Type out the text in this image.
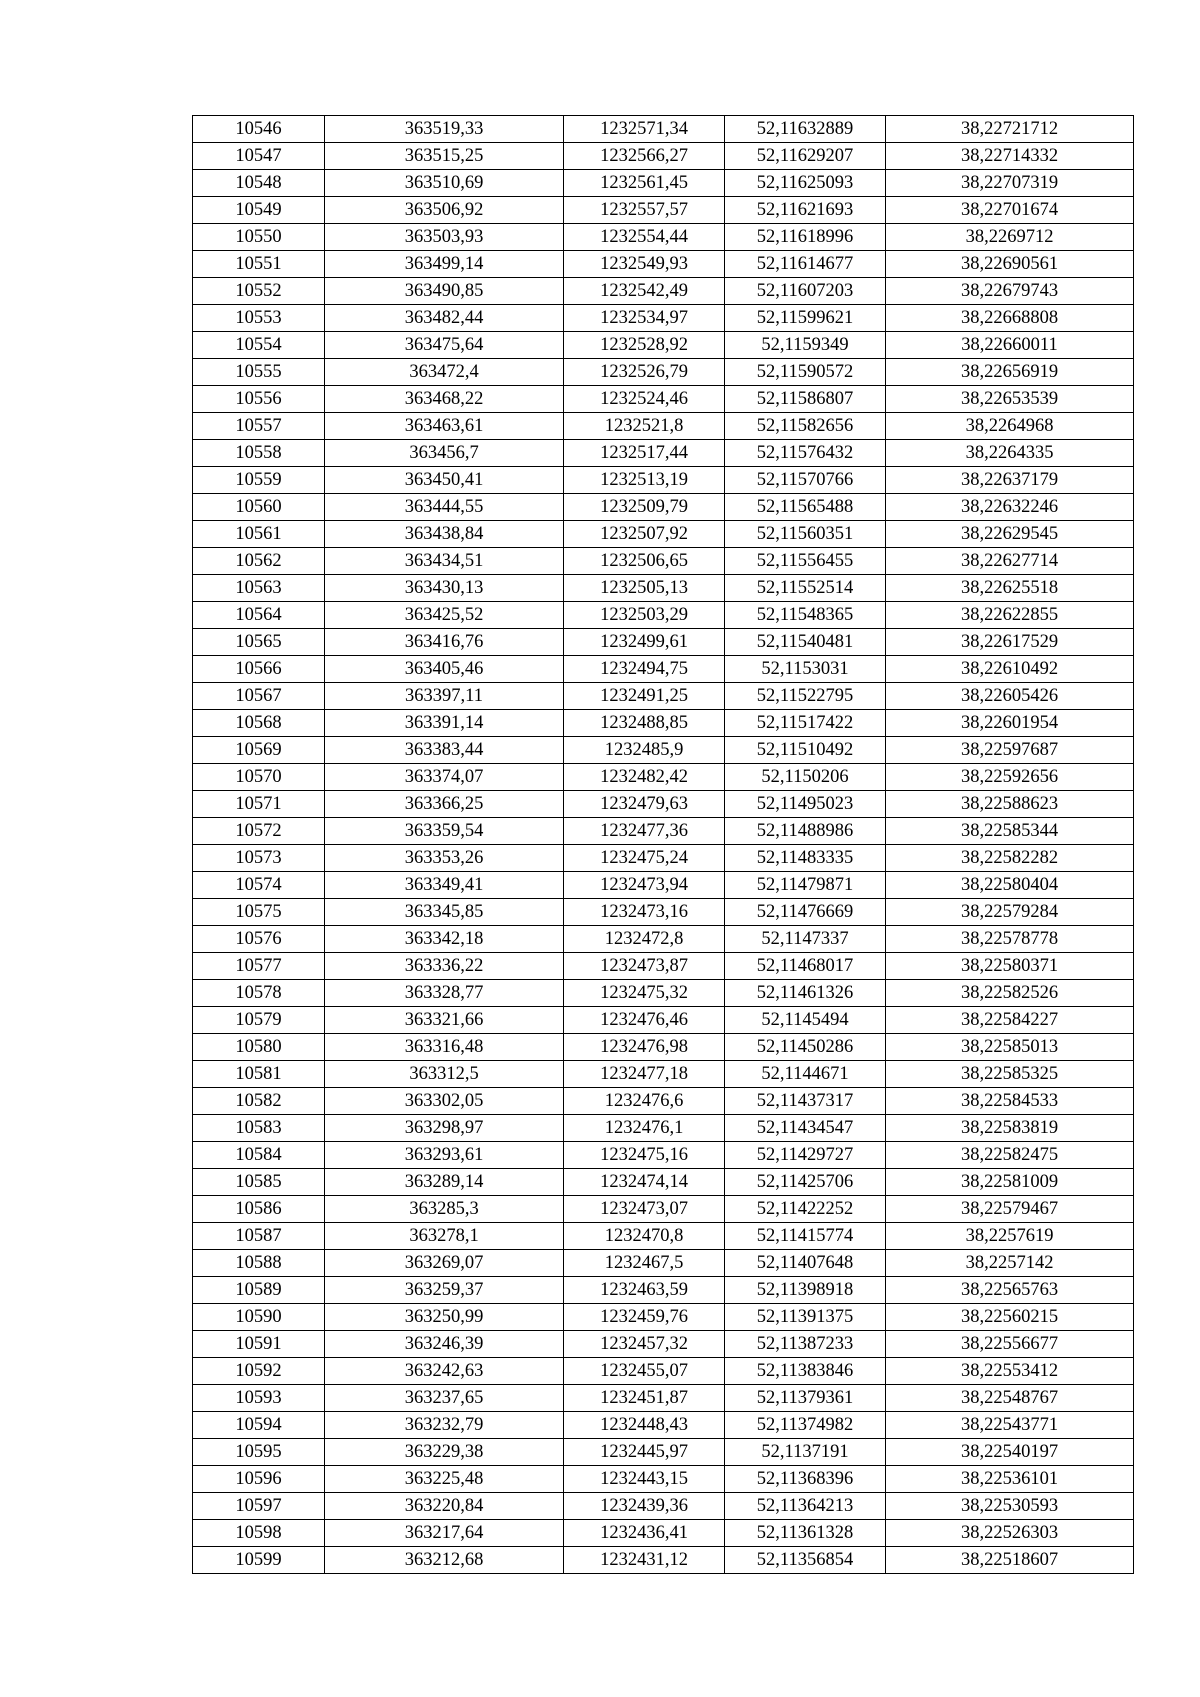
10546	363519,33	1232571,34	52,11632889	38,22721712
10547	363515,25	1232566,27	52,11629207	38,22714332
10548	363510,69	1232561,45	52,11625093	38,22707319
10549	363506,92	1232557,57	52,11621693	38,22701674
10550	363503,93	1232554,44	52,11618996	38,2269712
10551	363499,14	1232549,93	52,11614677	38,22690561
10552	363490,85	1232542,49	52,11607203	38,22679743
10553	363482,44	1232534,97	52,11599621	38,22668808
10554	363475,64	1232528,92	52,1159349	38,22660011
10555	363472,4	1232526,79	52,11590572	38,22656919
10556	363468,22	1232524,46	52,11586807	38,22653539
10557	363463,61	1232521,8	52,11582656	38,2264968
10558	363456,7	1232517,44	52,11576432	38,2264335
10559	363450,41	1232513,19	52,11570766	38,22637179
10560	363444,55	1232509,79	52,11565488	38,22632246
10561	363438,84	1232507,92	52,11560351	38,22629545
10562	363434,51	1232506,65	52,11556455	38,22627714
10563	363430,13	1232505,13	52,11552514	38,22625518
10564	363425,52	1232503,29	52,11548365	38,22622855
10565	363416,76	1232499,61	52,11540481	38,22617529
10566	363405,46	1232494,75	52,1153031	38,22610492
10567	363397,11	1232491,25	52,11522795	38,22605426
10568	363391,14	1232488,85	52,11517422	38,22601954
10569	363383,44	1232485,9	52,11510492	38,22597687
10570	363374,07	1232482,42	52,1150206	38,22592656
10571	363366,25	1232479,63	52,11495023	38,22588623
10572	363359,54	1232477,36	52,11488986	38,22585344
10573	363353,26	1232475,24	52,11483335	38,22582282
10574	363349,41	1232473,94	52,11479871	38,22580404
10575	363345,85	1232473,16	52,11476669	38,22579284
10576	363342,18	1232472,8	52,1147337	38,22578778
10577	363336,22	1232473,87	52,11468017	38,22580371
10578	363328,77	1232475,32	52,11461326	38,22582526
10579	363321,66	1232476,46	52,1145494	38,22584227
10580	363316,48	1232476,98	52,11450286	38,22585013
10581	363312,5	1232477,18	52,1144671	38,22585325
10582	363302,05	1232476,6	52,11437317	38,22584533
10583	363298,97	1232476,1	52,11434547	38,22583819
10584	363293,61	1232475,16	52,11429727	38,22582475
10585	363289,14	1232474,14	52,11425706	38,22581009
10586	363285,3	1232473,07	52,11422252	38,22579467
10587	363278,1	1232470,8	52,11415774	38,2257619
10588	363269,07	1232467,5	52,11407648	38,2257142
10589	363259,37	1232463,59	52,11398918	38,22565763
10590	363250,99	1232459,76	52,11391375	38,22560215
10591	363246,39	1232457,32	52,11387233	38,22556677
10592	363242,63	1232455,07	52,11383846	38,22553412
10593	363237,65	1232451,87	52,11379361	38,22548767
10594	363232,79	1232448,43	52,11374982	38,22543771
10595	363229,38	1232445,97	52,1137191	38,22540197
10596	363225,48	1232443,15	52,11368396	38,22536101
10597	363220,84	1232439,36	52,11364213	38,22530593
10598	363217,64	1232436,41	52,11361328	38,22526303
10599	363212,68	1232431,12	52,11356854	38,22518607
